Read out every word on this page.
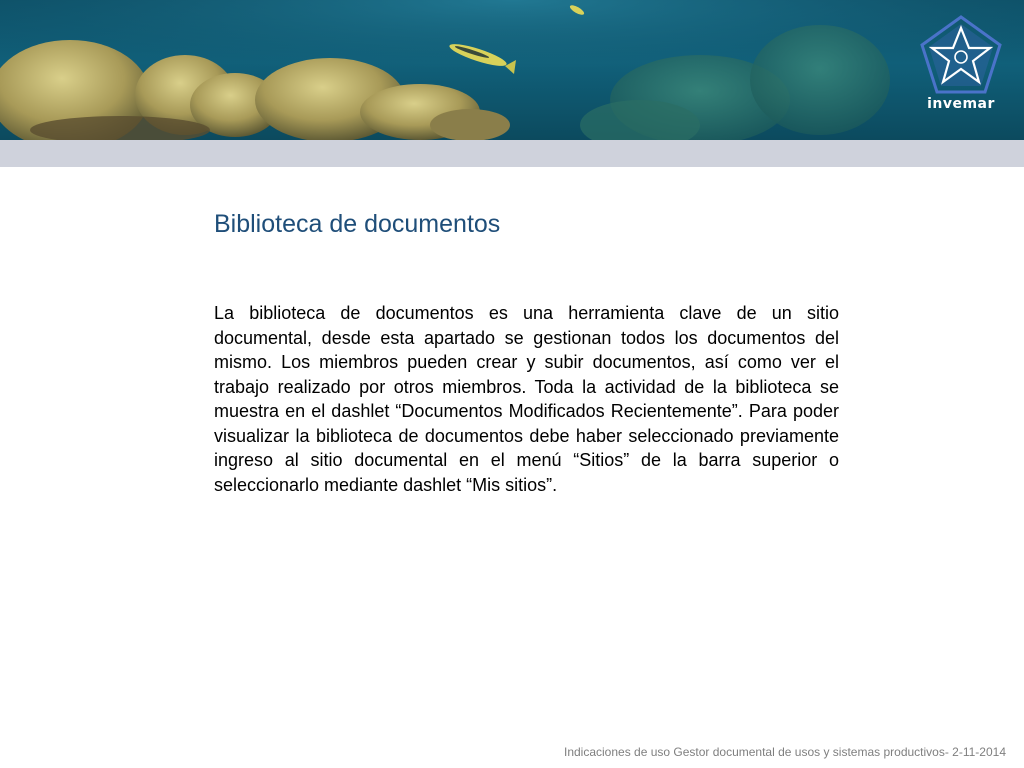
invemar
Biblioteca de documentos

La biblioteca de documentos es una herramienta clave de un sitio documental, desde esta apartado se gestionan todos los documentos del mismo. Los miembros pueden crear y subir documentos, así como ver el trabajo realizado por otros miembros. Toda la actividad de la biblioteca se muestra en el dashlet “Documentos Modificados Recientemente”. Para poder visualizar la biblioteca de documentos debe haber seleccionado previamente ingreso al sitio documental en el menú “Sitios” de la barra superior o seleccionarlo mediante dashlet “Mis sitios”.

Indicaciones de uso Gestor documental de usos y sistemas productivos- 2-11-2014
